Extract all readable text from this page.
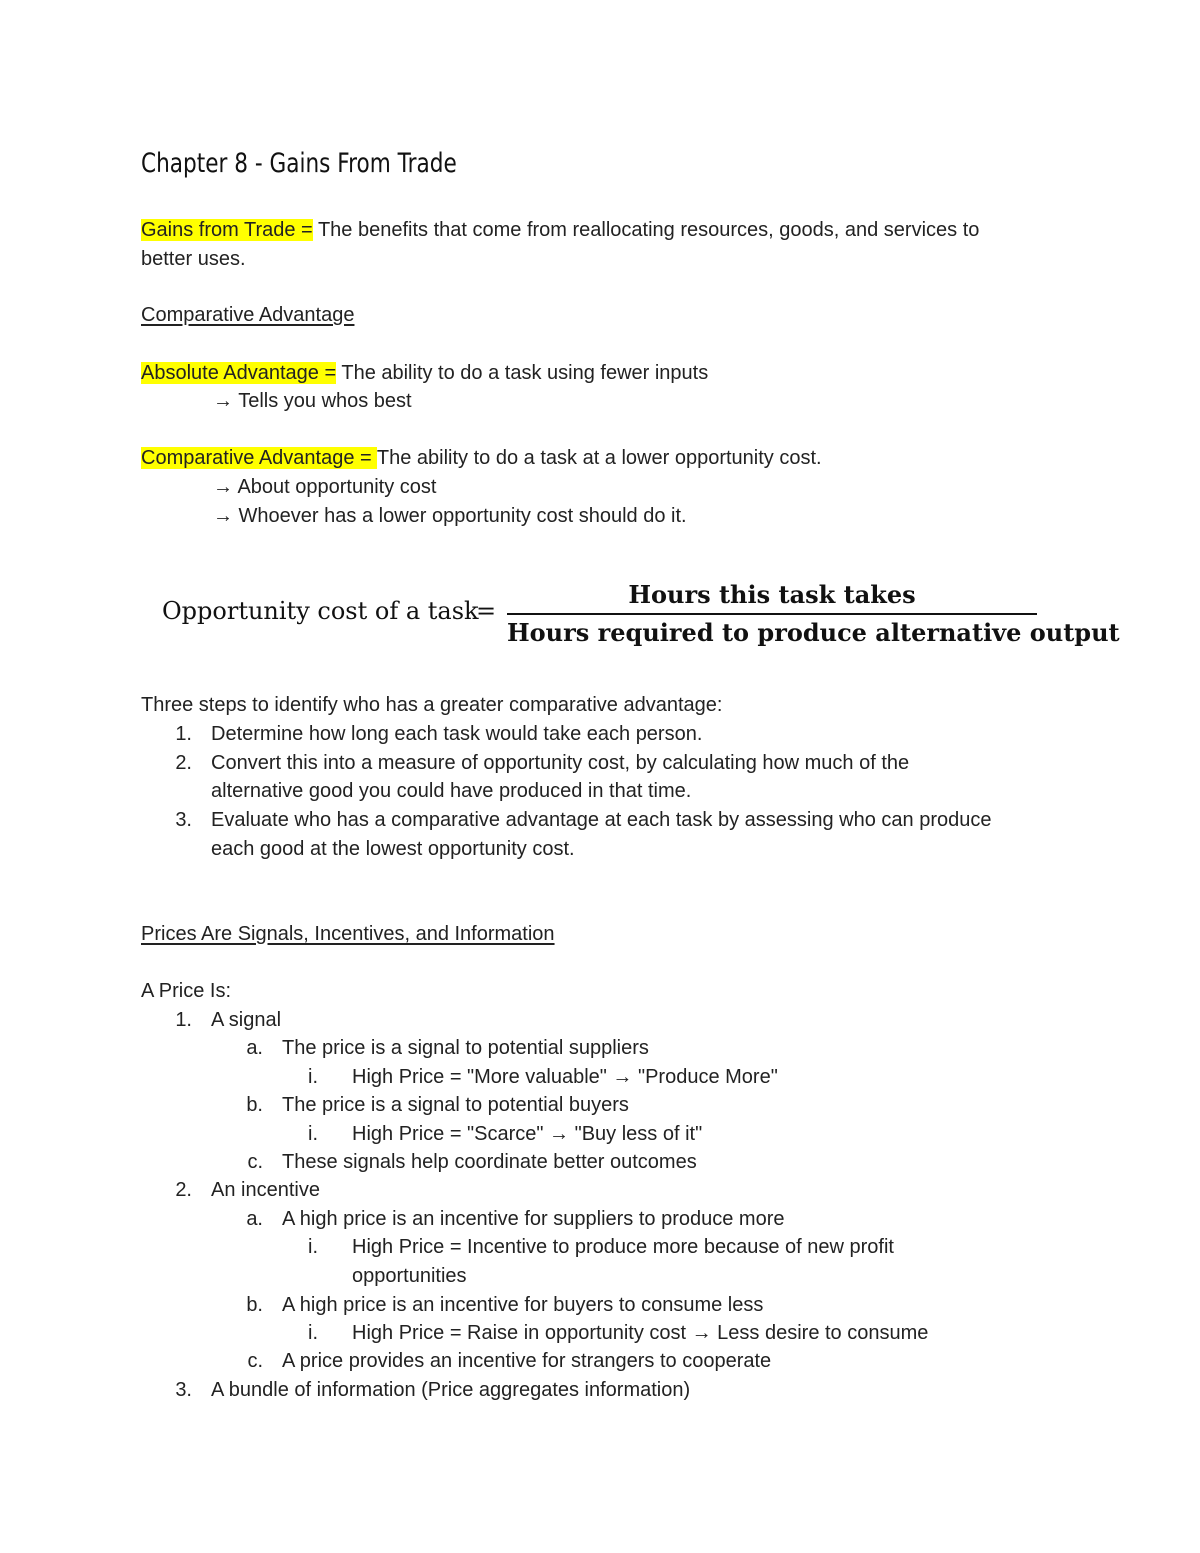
Chapter 8 - Gains From Trade
Gains from Trade = The benefits that come from reallocating resources, goods, and services to
better uses.
Comparative Advantage
Absolute Advantage = The ability to do a task using fewer inputs
→ Tells you whos best
Comparative Advantage = The ability to do a task at a lower opportunity cost.
→ About opportunity cost
→ Whoever has a lower opportunity cost should do it.
Opportunity cost of a task
=
Hours this task takes
Hours required to produce alternative output
Three steps to identify who has a greater comparative advantage:
1. Determine how long each task would take each person.
2. Convert this into a measure of opportunity cost, by calculating how much of the
alternative good you could have produced in that time.
3. Evaluate who has a comparative advantage at each task by assessing who can produce
each good at the lowest opportunity cost.
Prices Are Signals, Incentives, and Information
A Price Is:
1. A signal
a. The price is a signal to potential suppliers
i. High Price = "More valuable" → "Produce More"
b. The price is a signal to potential buyers
i. High Price = "Scarce" → "Buy less of it"
c. These signals help coordinate better outcomes
2. An incentive
a. A high price is an incentive for suppliers to produce more
i. High Price = Incentive to produce more because of new profit
opportunities
b. A high price is an incentive for buyers to consume less
i. High Price = Raise in opportunity cost → Less desire to consume
c. A price provides an incentive for strangers to cooperate
3. A bundle of information (Price aggregates information)
